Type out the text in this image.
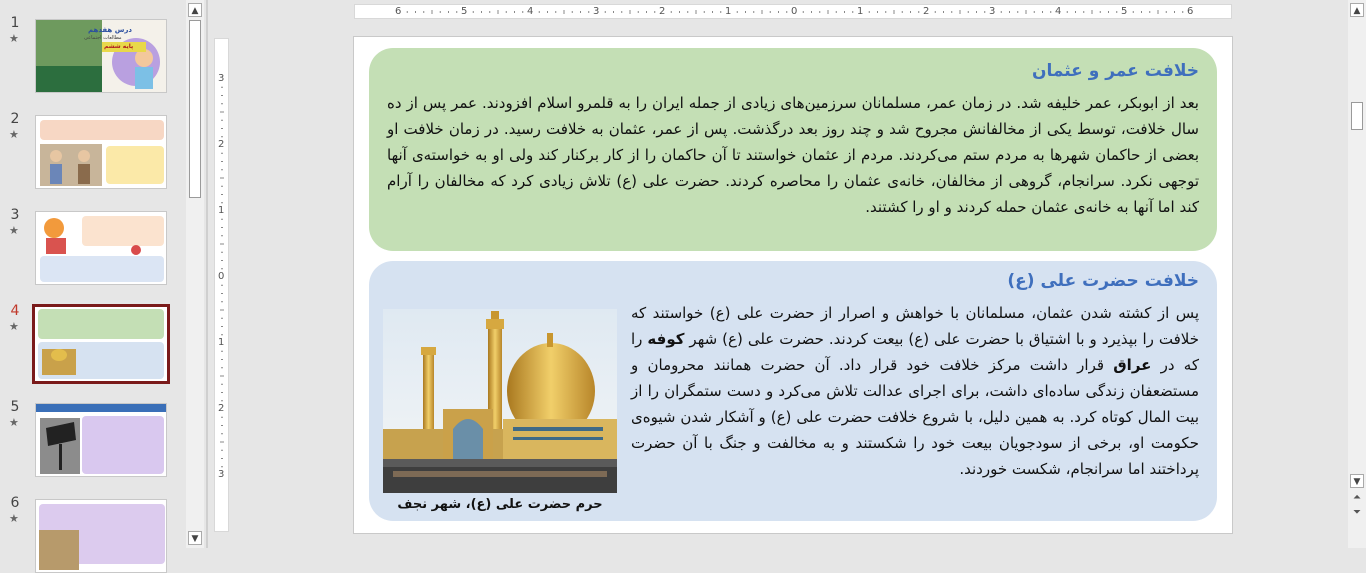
1
★
درس هفدهم
مطالعات اجتماعی
پایه ششم
2
★
3
★
4
★
5
★
6
★
▲
▼
6	5	4	3	2	1	0	1	2	3	4	5	6
3
2
1
0
1
2
3
خلافت عمر و عثمان
بعد از ابوبکر، عمر خلیفه شد. در زمان عمر، مسلمانان سرزمین‌های زیادی از جمله ایران را به قلمرو اسلام افزودند. عمر پس از ده سال خلافت، توسط یکی از مخالفانش مجروح شد و چند روز بعد درگذشت. پس از عمر، عثمان به خلافت رسید. در زمان خلافت او بعضی از حاکمان شهرها به مردم ستم می‌کردند. مردم از عثمان خواستند تا آن حاکمان را از کار برکنار کند ولی او به خواسته‌ی آنها توجهی نکرد. سرانجام، گروهی از مخالفان، خانه‌ی عثمان را محاصره کردند. حضرت علی (ع) تلاش زیادی کرد که مخالفان را آرام کند اما آنها به خانه‌ی عثمان حمله کردند و او را کشتند.
خلافت حضرت علی (ع)
پس از کشته شدن عثمان، مسلمانان با خواهش و اصرار از حضرت علی (ع) خواستند که خلافت را بپذیرد و با اشتیاق با حضرت علی (ع) بیعت کردند. حضرت علی (ع) شهر کوفه را که در عراق قرار داشت مرکز خلافت خود قرار داد. آن حضرت همانند محرومان و مستضعفان زندگی ساده‌ای داشت، برای اجرای عدالت تلاش می‌کرد و دست ستمگران را از بیت المال کوتاه کرد. به همین دلیل، با شروع خلافت حضرت علی (ع) و آشکار شدن شیوه‌ی حکومت او، برخی از سودجویان بیعت خود را شکستند و به مخالفت و جنگ با آن حضرت پرداختند اما سرانجام، شکست خوردند.
حرم حضرت علی (ع)، شهر نجف
▲
▼
⏶
⏷
